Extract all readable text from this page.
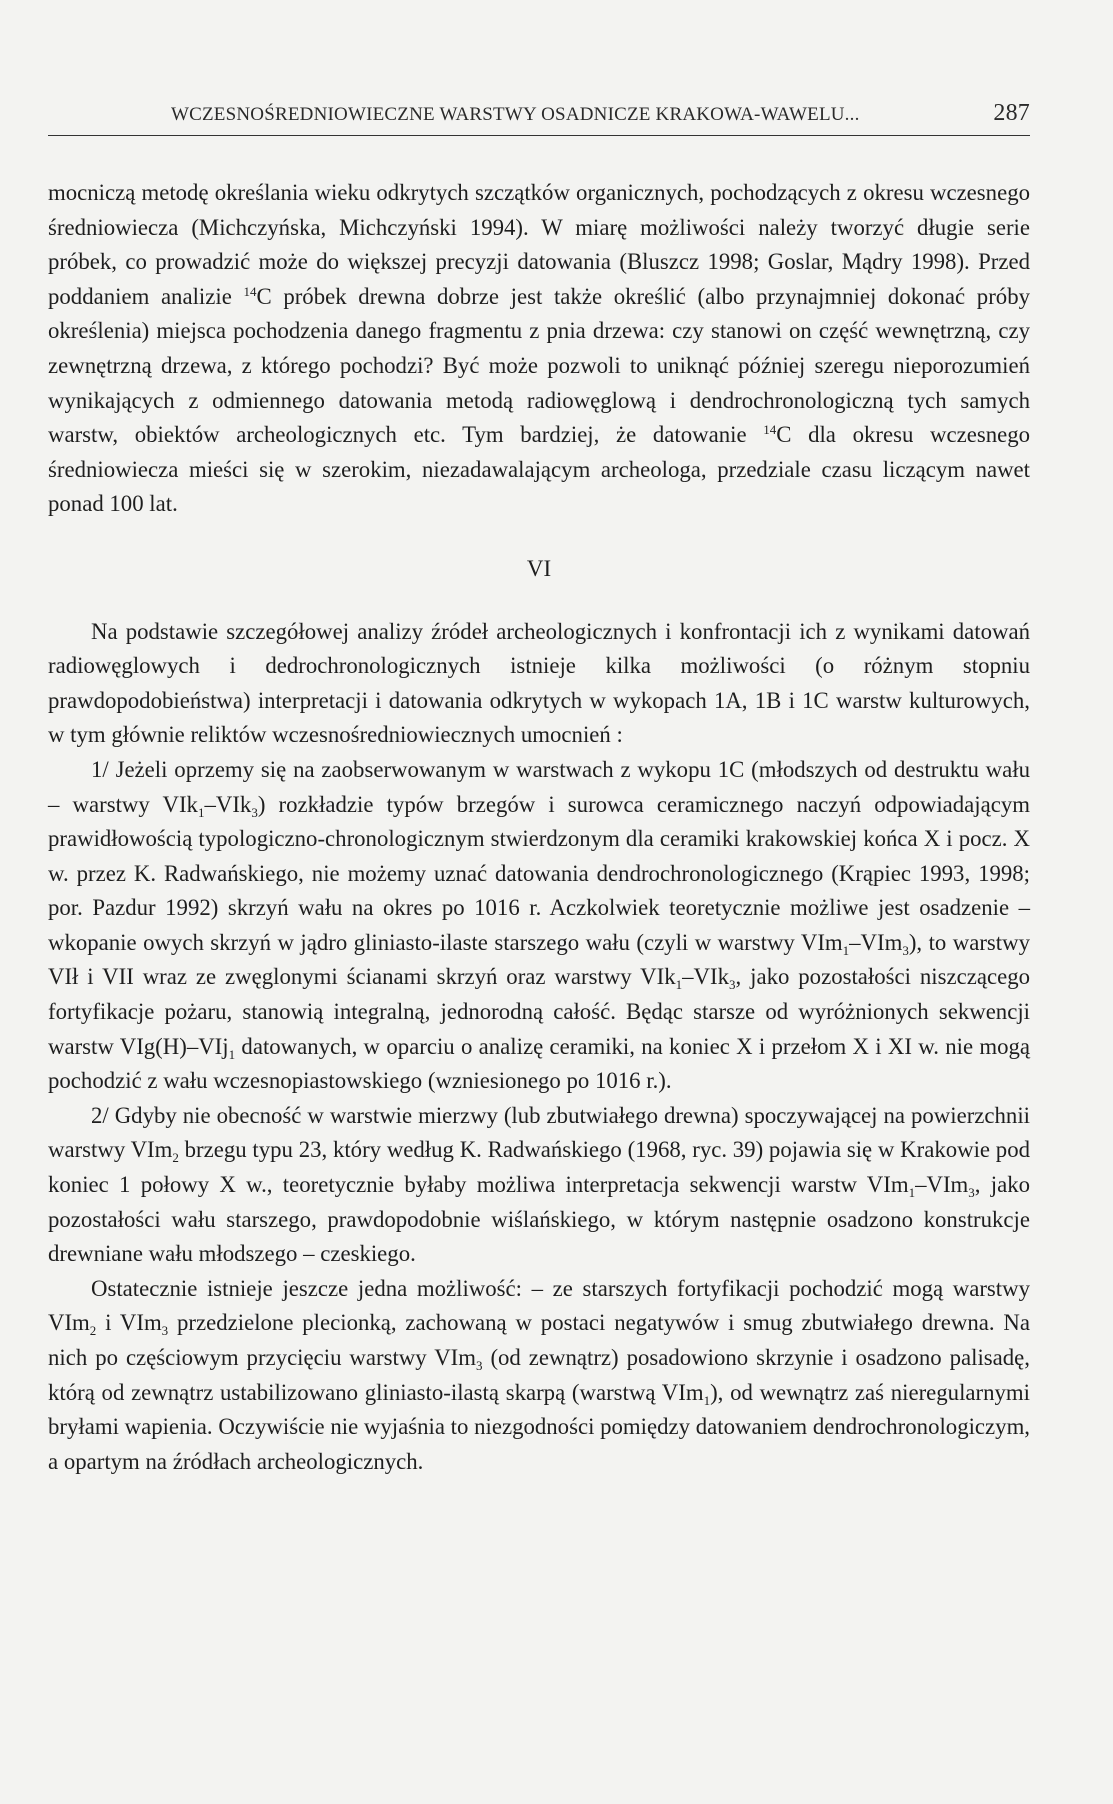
WCZESNOŚREDNIOWIECZNE WARSTWY OSADNICZE KRAKOWA-WAWELU...	287

mocniczą metodę określania wieku odkrytych szczątków organicznych, pochodzących z okresu wczesnego średniowiecza (Michczyńska, Michczyński 1994). W miarę możliwości należy tworzyć długie serie próbek, co prowadzić może do większej precyzji datowania (Bluszcz 1998; Goslar, Mądry 1998). Przed poddaniem analizie $^{14}$C próbek drewna dobrze jest także określić (albo przynajmniej dokonać próby określenia) miejsca pochodzenia danego fragmentu z pnia drzewa: czy stanowi on część wewnętrzną, czy zewnętrzną drzewa, z którego pochodzi? Być może pozwoli to uniknąć później szeregu nieporozumień wynikających z odmiennego datowania metodą radiowęglową i dendrochronologiczną tych samych warstw, obiektów archeologicznych etc. Tym bardziej, że datowanie $^{14}$C dla okresu wczesnego średniowiecza mieści się w szerokim, niezadawalającym archeologa, przedziale czasu liczącym nawet ponad 100 lat.

VI

Na podstawie szczegółowej analizy źródeł archeologicznych i konfrontacji ich z wynikami datowań radiowęglowych i dedrochronologicznych istnieje kilka możliwości (o różnym stopniu prawdopodobieństwa) interpretacji i datowania odkrytych w wykopach 1A, 1B i 1C warstw kulturowych, w tym głównie reliktów wczesnośredniowiecznych umocnień :

1/ Jeżeli oprzemy się na zaobserwowanym w warstwach z wykopu 1C (młodszych od destruktu wału – warstwy VIk$_1$–VIk$_3$) rozkładzie typów brzegów i surowca ceramicznego naczyń odpowiadającym prawidłowością typologiczno-chronologicznym stwierdzonym dla ceramiki krakowskiej końca X i pocz. X w. przez K. Radwańskiego, nie możemy uznać datowania dendrochronologicznego (Krąpiec 1993, 1998; por. Pazdur 1992) skrzyń wału na okres po 1016 r. Aczkolwiek teoretycznie możliwe jest osadzenie – wkopanie owych skrzyń w jądro gliniasto-ilaste starszego wału (czyli w warstwy VIm$_1$–VIm$_3$), to warstwy VIł i VII wraz ze zwęglonymi ścianami skrzyń oraz warstwy VIk$_1$–VIk$_3$, jako pozostałości niszczącego fortyfikacje pożaru, stanowią integralną, jednorodną całość. Będąc starsze od wyróżnionych sekwencji warstw VIg(H)–VIj$_1$ datowanych, w oparciu o analizę ceramiki, na koniec X i przełom X i XI w. nie mogą pochodzić z wału wczesnopiastowskiego (wzniesionego po 1016 r.).

2/ Gdyby nie obecność w warstwie mierzwy (lub zbutwiałego drewna) spoczywającej na powierzchnii warstwy VIm$_2$ brzegu typu 23, który według K. Radwańskiego (1968, ryc. 39) pojawia się w Krakowie pod koniec 1 połowy X w., teoretycznie byłaby możliwa interpretacja sekwencji warstw VIm$_1$–VIm$_3$, jako pozostałości wału starszego, prawdopodobnie wiślańskiego, w którym następnie osadzono konstrukcje drewniane wału młodszego – czeskiego.

Ostatecznie istnieje jeszcze jedna możliwość: – ze starszych fortyfikacji pochodzić mogą warstwy VIm$_2$ i VIm$_3$ przedzielone plecionką, zachowaną w postaci negatywów i smug zbutwiałego drewna. Na nich po częściowym przycięciu warstwy VIm$_3$ (od zewnątrz) posadowiono skrzynie i osadzono palisadę, którą od zewnątrz ustabilizowano gliniasto-ilastą skarpą (warstwą VIm$_1$), od wewnątrz zaś nieregularnymi bryłami wapienia. Oczywiście nie wyjaśnia to niezgodności pomiędzy datowaniem dendrochronologiczym, a opartym na źródłach archeologicznych.
